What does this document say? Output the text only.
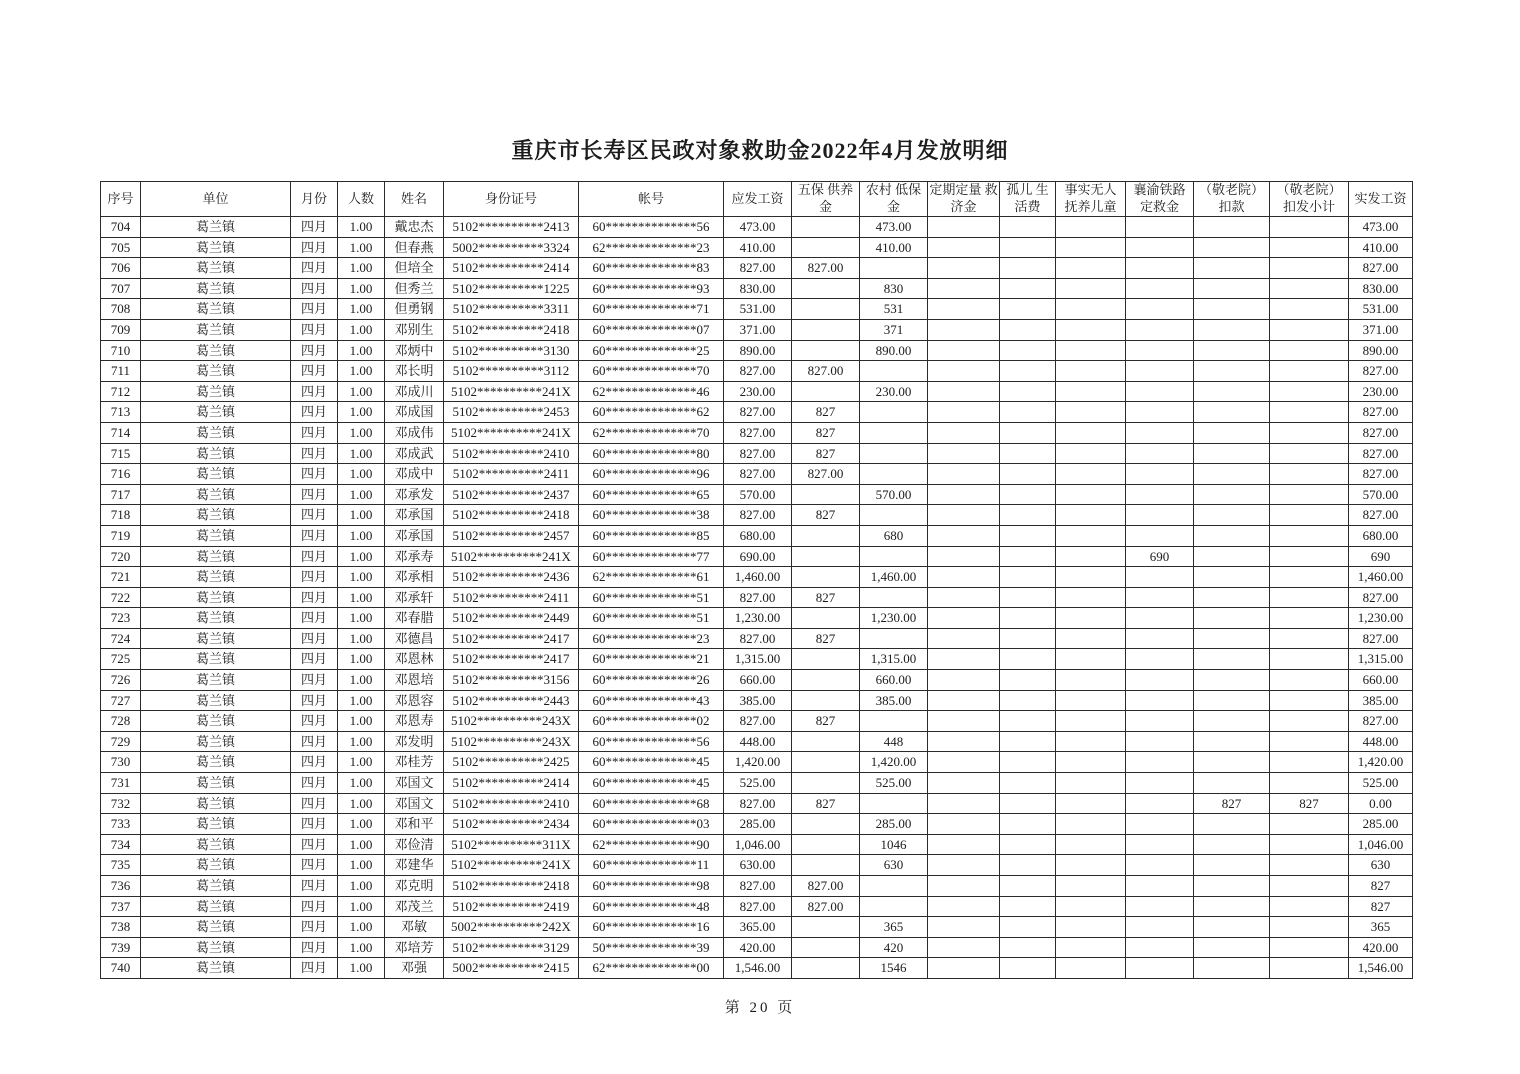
重庆市长寿区民政对象救助金2022年4月发放明细
序号	单位	月份	人数	姓名	身份证号	帐号	应发工资	五保 供养金	农村 低保金	定期定量 救济金	孤儿 生活费	事实无人 抚养儿童	襄渝铁路 定救金	（敬老院） 扣款	（敬老院） 扣发小计	实发工资
704	葛兰镇	四月	1.00	戴忠杰	5102**********2413	60**************56	473.00		473.00							473.00
705	葛兰镇	四月	1.00	但春燕	5002**********3324	62**************23	410.00		410.00							410.00
706	葛兰镇	四月	1.00	但培全	5102**********2414	60**************83	827.00	827.00								827.00
707	葛兰镇	四月	1.00	但秀兰	5102**********1225	60**************93	830.00		830							830.00
708	葛兰镇	四月	1.00	但勇钢	5102**********3311	60**************71	531.00		531							531.00
709	葛兰镇	四月	1.00	邓别生	5102**********2418	60**************07	371.00		371							371.00
710	葛兰镇	四月	1.00	邓炳中	5102**********3130	60**************25	890.00		890.00							890.00
711	葛兰镇	四月	1.00	邓长明	5102**********3112	60**************70	827.00	827.00								827.00
712	葛兰镇	四月	1.00	邓成川	5102**********241X	62**************46	230.00		230.00							230.00
713	葛兰镇	四月	1.00	邓成国	5102**********2453	60**************62	827.00	827								827.00
714	葛兰镇	四月	1.00	邓成伟	5102**********241X	62**************70	827.00	827								827.00
715	葛兰镇	四月	1.00	邓成武	5102**********2410	60**************80	827.00	827								827.00
716	葛兰镇	四月	1.00	邓成中	5102**********2411	60**************96	827.00	827.00								827.00
717	葛兰镇	四月	1.00	邓承发	5102**********2437	60**************65	570.00		570.00							570.00
718	葛兰镇	四月	1.00	邓承国	5102**********2418	60**************38	827.00	827								827.00
719	葛兰镇	四月	1.00	邓承国	5102**********2457	60**************85	680.00		680							680.00
720	葛兰镇	四月	1.00	邓承寿	5102**********241X	60**************77	690.00						690			690
721	葛兰镇	四月	1.00	邓承相	5102**********2436	62**************61	1,460.00		1,460.00							1,460.00
722	葛兰镇	四月	1.00	邓承轩	5102**********2411	60**************51	827.00	827								827.00
723	葛兰镇	四月	1.00	邓春腊	5102**********2449	60**************51	1,230.00		1,230.00							1,230.00
724	葛兰镇	四月	1.00	邓德昌	5102**********2417	60**************23	827.00	827								827.00
725	葛兰镇	四月	1.00	邓恩林	5102**********2417	60**************21	1,315.00		1,315.00							1,315.00
726	葛兰镇	四月	1.00	邓恩培	5102**********3156	60**************26	660.00		660.00							660.00
727	葛兰镇	四月	1.00	邓恩容	5102**********2443	60**************43	385.00		385.00							385.00
728	葛兰镇	四月	1.00	邓恩寿	5102**********243X	60**************02	827.00	827								827.00
729	葛兰镇	四月	1.00	邓发明	5102**********243X	60**************56	448.00		448							448.00
730	葛兰镇	四月	1.00	邓桂芳	5102**********2425	60**************45	1,420.00		1,420.00							1,420.00
731	葛兰镇	四月	1.00	邓国文	5102**********2414	60**************45	525.00		525.00							525.00
732	葛兰镇	四月	1.00	邓国文	5102**********2410	60**************68	827.00	827						827	827	0.00
733	葛兰镇	四月	1.00	邓和平	5102**********2434	60**************03	285.00		285.00							285.00
734	葛兰镇	四月	1.00	邓俭清	5102**********311X	62**************90	1,046.00		1046							1,046.00
735	葛兰镇	四月	1.00	邓建华	5102**********241X	60**************11	630.00		630							630
736	葛兰镇	四月	1.00	邓克明	5102**********2418	60**************98	827.00	827.00								827
737	葛兰镇	四月	1.00	邓茂兰	5102**********2419	60**************48	827.00	827.00								827
738	葛兰镇	四月	1.00	邓敏	5002**********242X	60**************16	365.00		365							365
739	葛兰镇	四月	1.00	邓培芳	5102**********3129	50**************39	420.00		420							420.00
740	葛兰镇	四月	1.00	邓强	5002**********2415	62**************00	1,546.00		1546							1,546.00
第 20 页
